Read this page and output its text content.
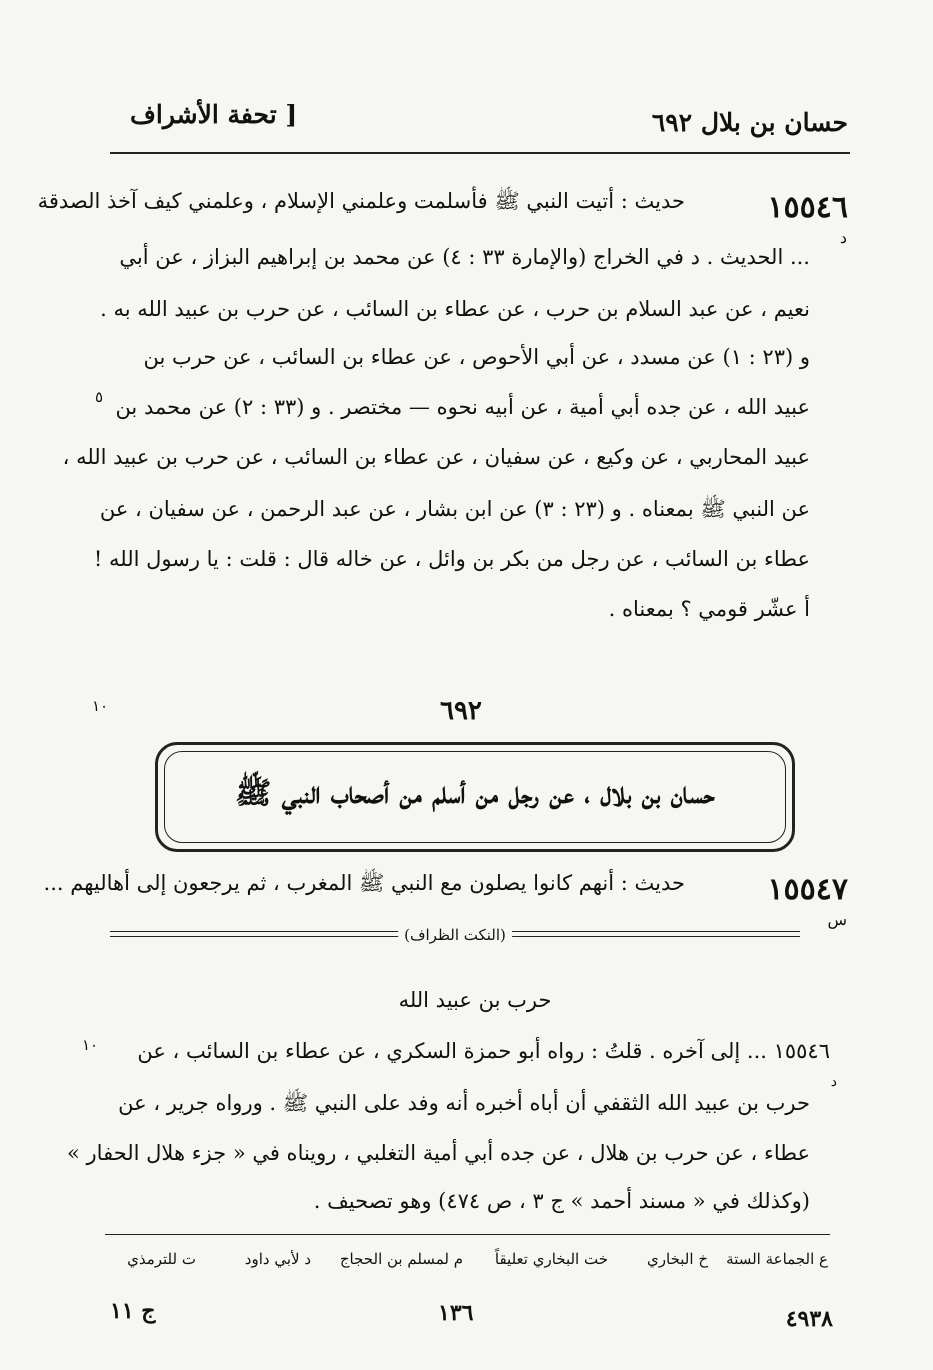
حسان بن بلال ٦٩٢
[ تحفة الأشراف
١٥٥٤٦
د
حديث : أتيت النبي ﷺ فأسلمت وعلمني الإسلام ، وعلمني كيف آخذ الصدقة
... الحديث . د في الخراج (والإمارة ٣٣ : ٤) عن محمد بن إبراهيم البزاز ، عن أبي
نعيم ، عن عبد السلام بن حرب ، عن عطاء بن السائب ، عن حرب بن عبيد الله به .
و (٢٣ : ١) عن مسدد ، عن أبي الأحوص ، عن عطاء بن السائب ، عن حرب بن
عبيد الله ، عن جده أبي أمية ، عن أبيه نحوه — مختصر . و (٣٣ : ٢) عن محمد بن
عبيد المحاربي ، عن وكيع ، عن سفيان ، عن عطاء بن السائب ، عن حرب بن عبيد الله ،
عن النبي ﷺ بمعناه . و (٢٣ : ٣) عن ابن بشار ، عن عبد الرحمن ، عن سفيان ، عن
عطاء بن السائب ، عن رجل من بكر بن وائل ، عن خاله قال : قلت : يا رسول الله !
أ عشّر قومي ؟ بمعناه .
٥
٦٩٢
١٠
حسان بن بلال ، عن رجل من أسلم من أصحاب النبي ﷺ
١٥٥٤٧
س
حديث : أنهم كانوا يصلون مع النبي ﷺ المغرب ، ثم يرجعون إلى أهاليهم ...
(النكت الظراف)
حرب بن عبيد الله
١٠
د
١٥٥٤٦ ... إلى آخره . قلتُ : رواه أبو حمزة السكري ، عن عطاء بن السائب ، عن
حرب بن عبيد الله الثقفي أن أباه أخبره أنه وفد على النبي ﷺ . ورواه جرير ، عن
عطاء ، عن حرب بن هلال ، عن جده أبي أمية التغلبي ، رويناه في « جزء هلال الحفار »
(وكذلك في « مسند أحمد » ج ٣ ، ص ٤٧٤) وهو تصحيف .
ع الجماعة الستة
خ البخاري
خت البخاري تعليقاً
م لمسلم بن الحجاج
د لأبي داود
ت للترمذي
٤٩٣٨
١٣٦
ج ١١
